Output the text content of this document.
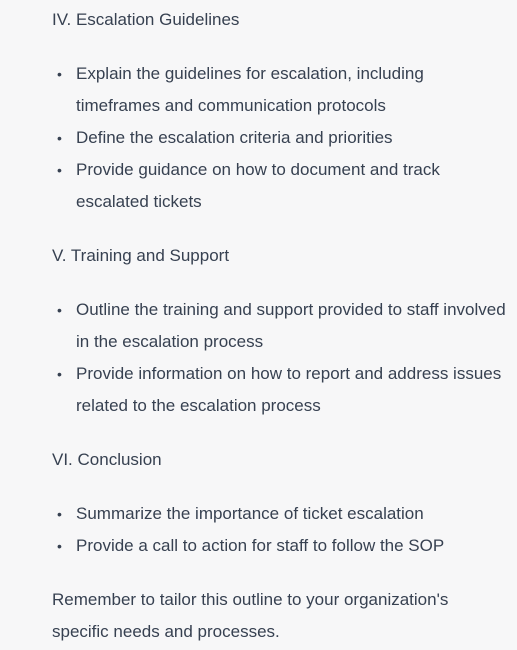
IV. Escalation Guidelines

• Explain the guidelines for escalation, including timeframes and communication protocols
• Define the escalation criteria and priorities
• Provide guidance on how to document and track escalated tickets

V. Training and Support

• Outline the training and support provided to staff involved in the escalation process
• Provide information on how to report and address issues related to the escalation process

VI. Conclusion

• Summarize the importance of ticket escalation
• Provide a call to action for staff to follow the SOP

Remember to tailor this outline to your organization's specific needs and processes.
